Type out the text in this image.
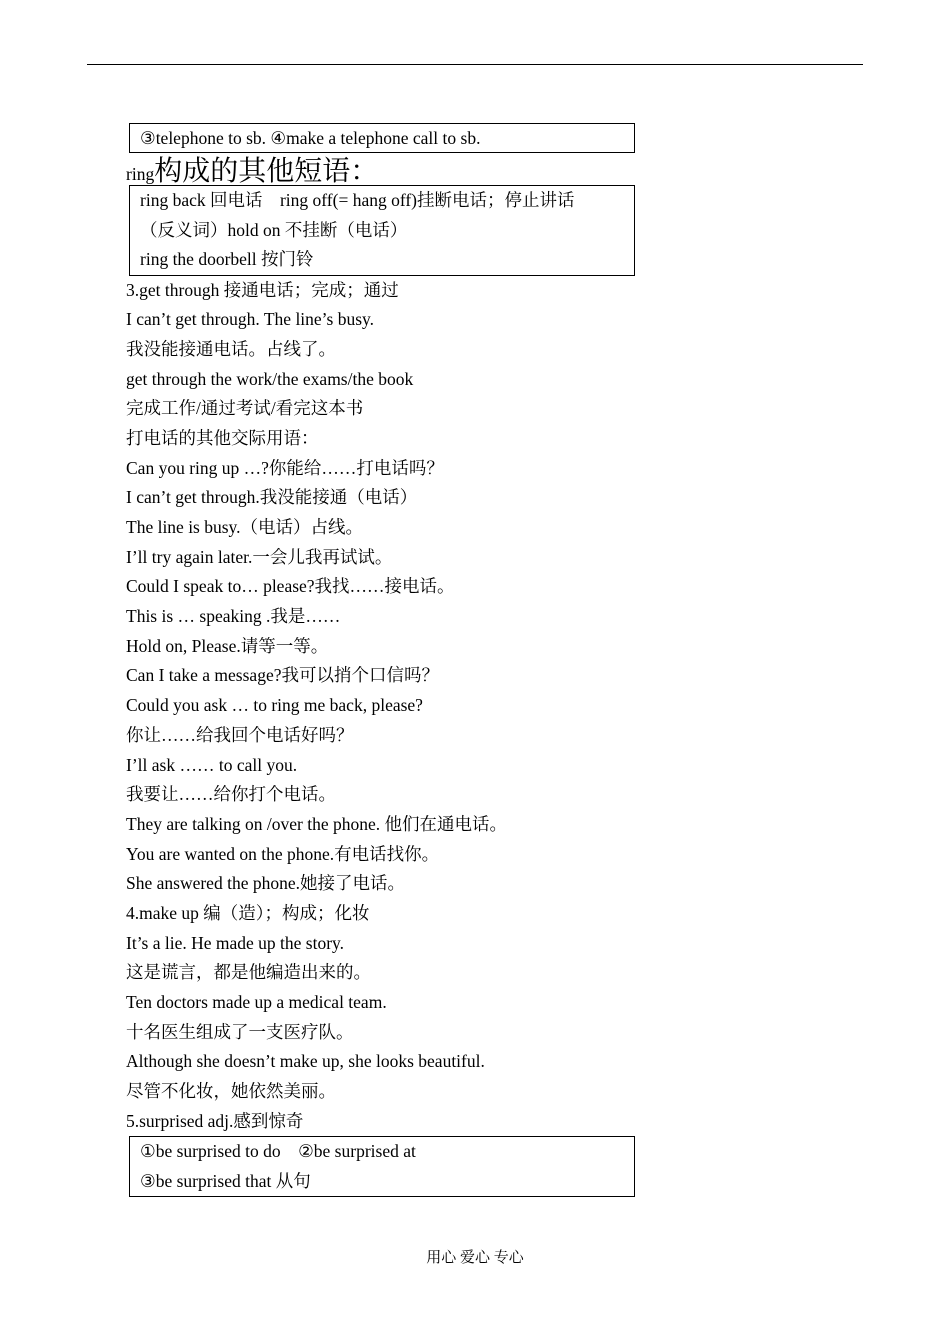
③telephone to sb. ④make a telephone call to sb.
ring构成的其他短语：
ring back 回电话　ring off(= hang off)挂断电话；停止讲话
（反义词）hold on 不挂断（电话）
ring the doorbell 按门铃
3.get through 接通电话；完成；通过
I can’t get through. The line’s busy.
我没能接通电话。占线了。
get through the work/the exams/the book
完成工作/通过考试/看完这本书
打电话的其他交际用语：
Can you ring up …?你能给……打电话吗？
I can’t get through.我没能接通（电话）
The line is busy.（电话）占线。
I’ll try again later.一会儿我再试试。
Could I speak to… please?我找……接电话。
This is … speaking .我是……
Hold on, Please.请等一等。
Can I take a message?我可以捎个口信吗？
Could you ask … to ring me back, please?
你让……给我回个电话好吗？
I’ll ask …… to call you.
我要让……给你打个电话。
They are talking on /over the phone. 他们在通电话。
You are wanted on the phone.有电话找你。
She answered the phone.她接了电话。
4.make up 编（造）；构成；化妆
It’s a lie. He made up the story.
这是谎言，都是他编造出来的。
Ten doctors made up a medical team.
十名医生组成了一支医疗队。
Although she doesn’t make up, she looks beautiful.
尽管不化妆，她依然美丽。
5.surprised adj.感到惊奇
①be surprised to do　②be surprised at
③be surprised that 从句
用心 爱心 专心
